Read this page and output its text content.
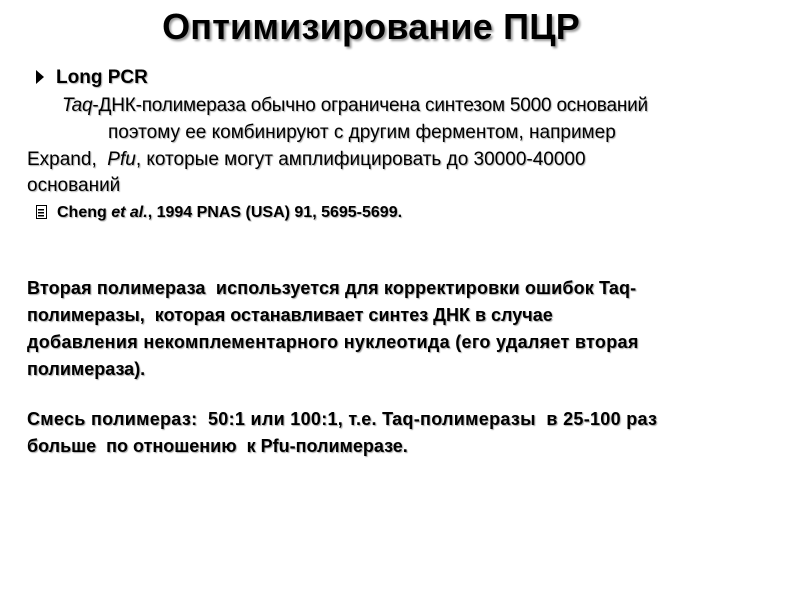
Оптимизирование ПЦР
Long PCR
Taq-ДНК-полимераза обычно ограничена синтезом 5000 оснований
поэтому ее комбинируют с другим ферментом, например
Expand,  Pfu, которые могут амплифицировать до 30000-40000
оснований
Cheng et al., 1994 PNAS (USA) 91, 5695-5699.
Вторая полимераза  используется для корректировки ошибок Taq-
полимеразы,  которая останавливает синтез ДНК в случае
добавления некомплементарного нуклеотида (его удаляет вторая
полимераза).
Смесь полимераз:  50:1 или 100:1, т.е. Taq-полимеразы  в 25-100 раз
больше  по отношению  к Pfu-полимеразе.
